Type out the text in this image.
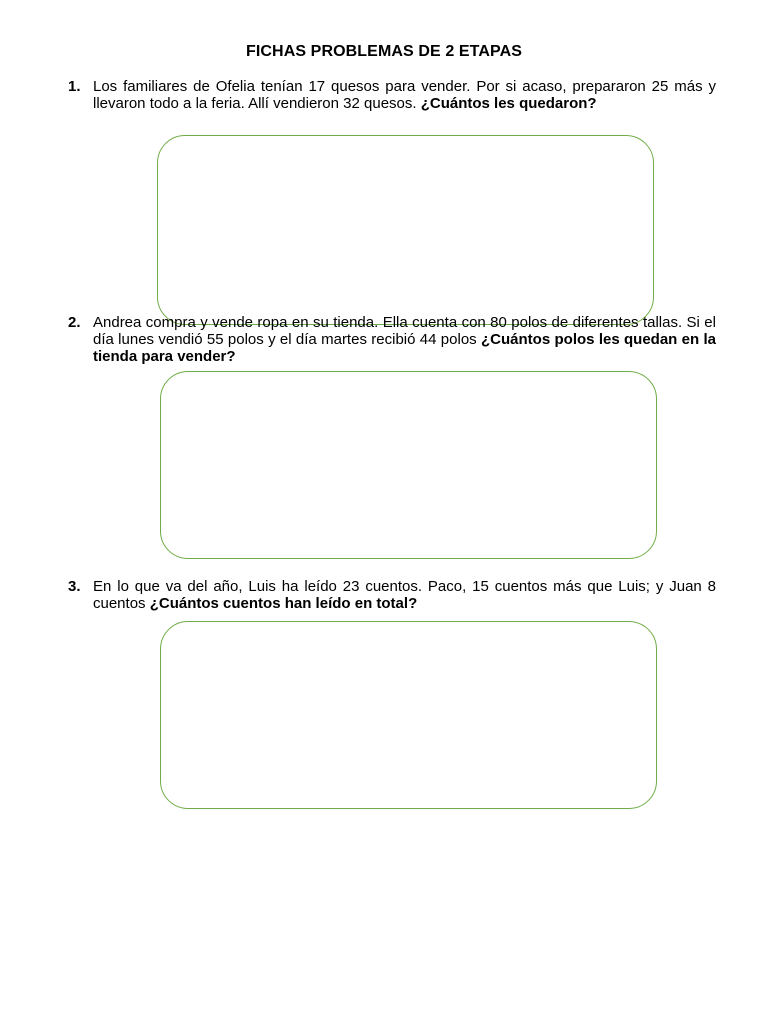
FICHAS PROBLEMAS DE 2 ETAPAS
1. Los familiares de Ofelia tenían 17 quesos para vender. Por si acaso, prepararon 25 más y llevaron todo a la feria. Allí vendieron 32 quesos. ¿Cuántos les quedaron?
2. Andrea compra y vende ropa en su tienda. Ella cuenta con 80 polos de diferentes tallas. Si el día lunes vendió 55 polos y el día martes recibió 44 polos ¿Cuántos polos les quedan en la tienda para vender?
3. En lo que va del año, Luis ha leído 23 cuentos. Paco, 15 cuentos más que Luis; y Juan 8 cuentos ¿Cuántos cuentos han leído en total?
